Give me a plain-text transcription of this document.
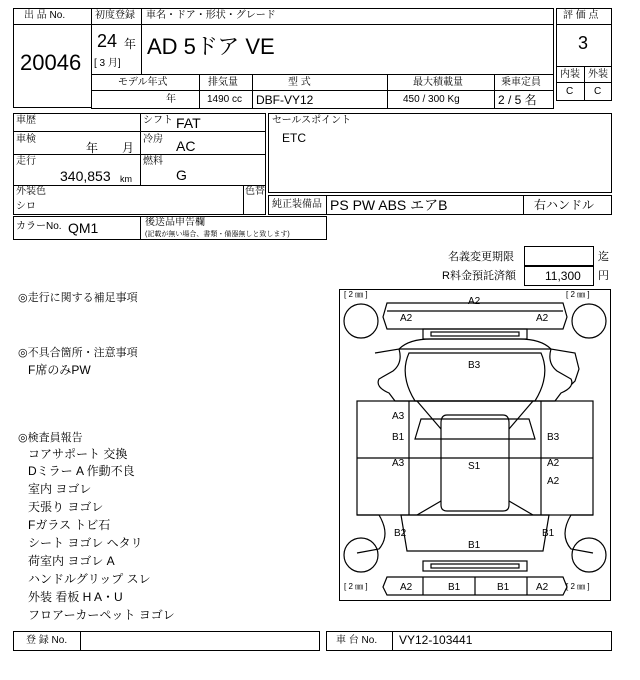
出 品 No.
20046
初度登録 車名・ドア・形状・グレード
24 年
[ 3 月]
AD 5ドア VE
モデル年式	排気量	型 式	最大積載量	乗車定員
年	1490 cc DBF-VY12	450 / 300 Kg	2 / 5 名
評 価 点
3
内装 外装
C C
車歴	シフト FAT
車検
年 月
冷房 AC
走行
340,853 km
燃料
G
外装色
シロ
色替
セールスポイント
ETC
純正装備品 PS PW ABS エアB	右ハンドル
カラーNo. QM1	後送品申告欄
(記載が無い場合、書類・備器無しと致します)
名義変更期限	迄
R料金預託済額 11,300 円
◎走行に関する補足事項
◎不具合箇所・注意事項
F席のみPW
◎検査員報告
コアサポート 交換
Dミラー A 作動不良
室内 ヨゴレ
天張り ヨゴレ
Fガラス トビ石
シート ヨゴレ ヘタリ
荷室内 ヨゴレ A
ハンドルグリップ スレ
外装 看板 H A・U
フロアーカーペット ヨゴレ
[ 2 ㎜ ]	[ 2 ㎜ ]
[ 2 ㎜ ]	[ 2 ㎜ ]
A2
A2	A2
B3
A3
B1	B3
A3	S1	A2
A2
B2	B1
B1
A2	B1	B1	A2
登 録 No.	車 台 No. VY12-103441
